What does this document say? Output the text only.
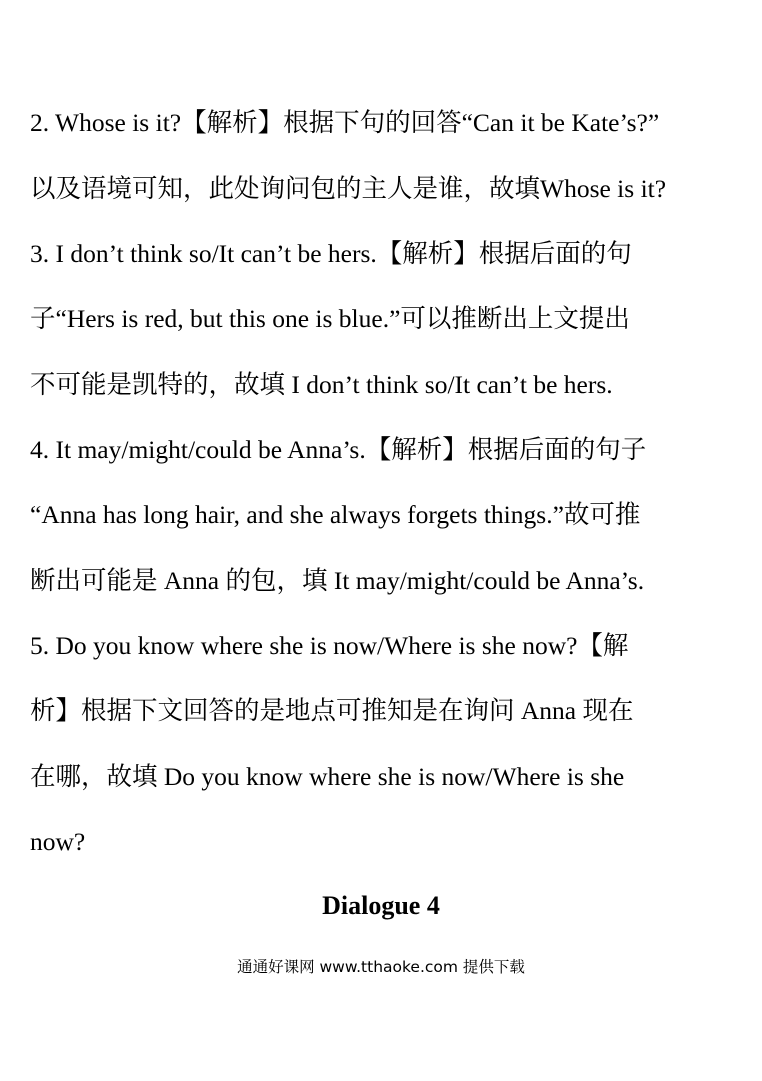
2. Whose is it?【解析】根据下句的回答“Can it be Kate’s?”
以及语境可知，此处询问包的主人是谁，故填Whose is it?
3. I don’t think so/It can’t be hers.【解析】根据后面的句
子“Hers is red, but this one is blue.”可以推断出上文提出
不可能是凯特的，故填 I don’t think so/It can’t be hers.
4. It may/might/could be Anna’s.【解析】根据后面的句子
“Anna has long hair, and she always forgets things.”故可推
断出可能是 Anna 的包，填 It may/might/could be Anna’s.
5. Do you know where she is now/Where is she now?【解
析】根据下文回答的是地点可推知是在询问 Anna 现在
在哪，故填 Do you know where she is now/Where is she
now?
Dialogue 4
通通好课网 www.tthaoke.com 提供下载
